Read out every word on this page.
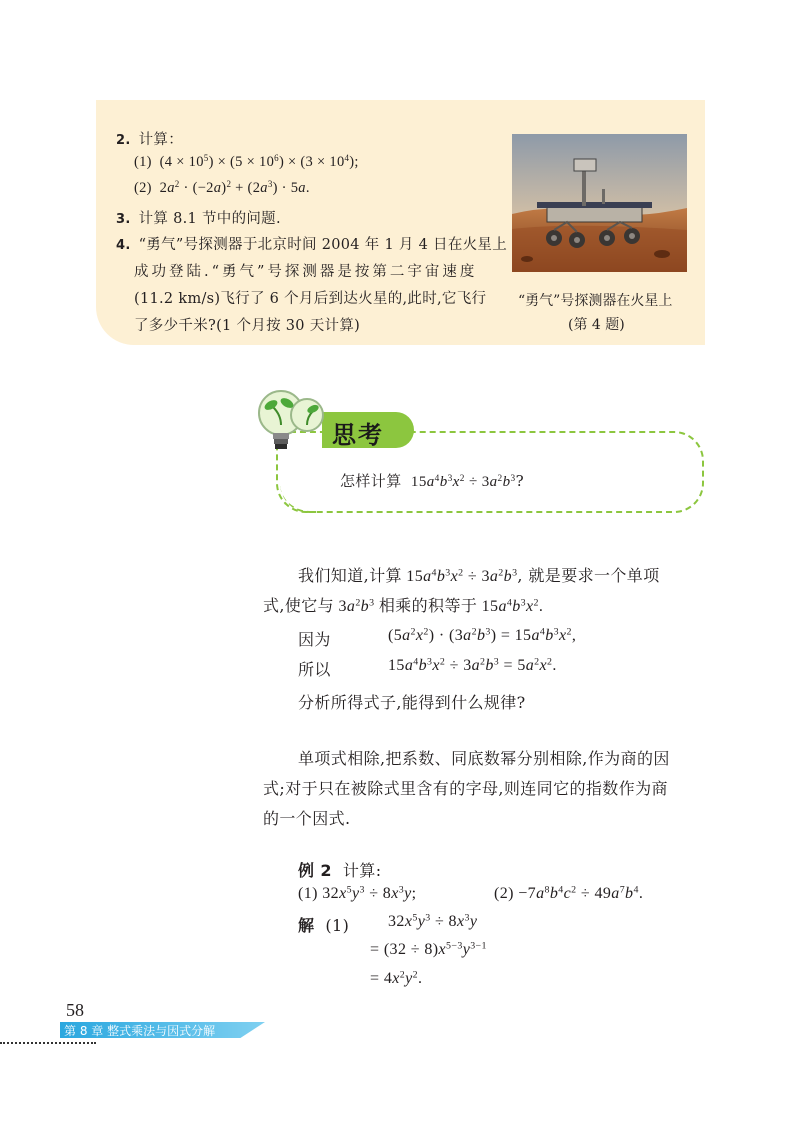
2. 计算：
(1)  $(4 \times 10^5) \times (5 \times 10^6) \times (3 \times 10^4)$;
(2)  $2a^2 \cdot (-2a)^2 + (2a^3) \cdot 5a$.
3. 计算 8.1 节中的问题.
4. “勇气”号探测器于北京时间 2004 年 1 月 4 日在火星上
成功登陆.“勇气”号探测器是按第二宇宙速度
(11.2 km/s)飞行了 6 个月后到达火星的,此时,它飞行
了多少千米?(1 个月按 30 天计算)
“勇气”号探测器在火星上
(第 4 题)
思考
怎样计算  $15a^4b^3x^2 \div 3a^2b^3$?
我们知道,计算 $15a^4b^3x^2 \div 3a^2b^3$, 就是要求一个单项
式,使它与 $3a^2b^3$ 相乘的积等于 $15a^4b^3x^2$.
因为	$(5a^2x^2) \cdot (3a^2b^3) = 15a^4b^3x^2$,
所以	$15a^4b^3x^2 \div 3a^2b^3 = 5a^2x^2$.
分析所得式子,能得到什么规律?
单项式相除,把系数、同底数幂分别相除,作为商的因
式;对于只在被除式里含有的字母,则连同它的指数作为商
的一个因式.
例 2 计算:
(1) $32x^5y^3 \div 8x^3y$;	$(2) -7a^8b^4c^2 \div 49a^7b^4$.
解 (1) $32x^5y^3 \div 8x^3y$
= $(32 \div 8)x^{5-3}y^{3-1}$
= $4x^2y^2$.
58
第 8 章 整式乘法与因式分解
